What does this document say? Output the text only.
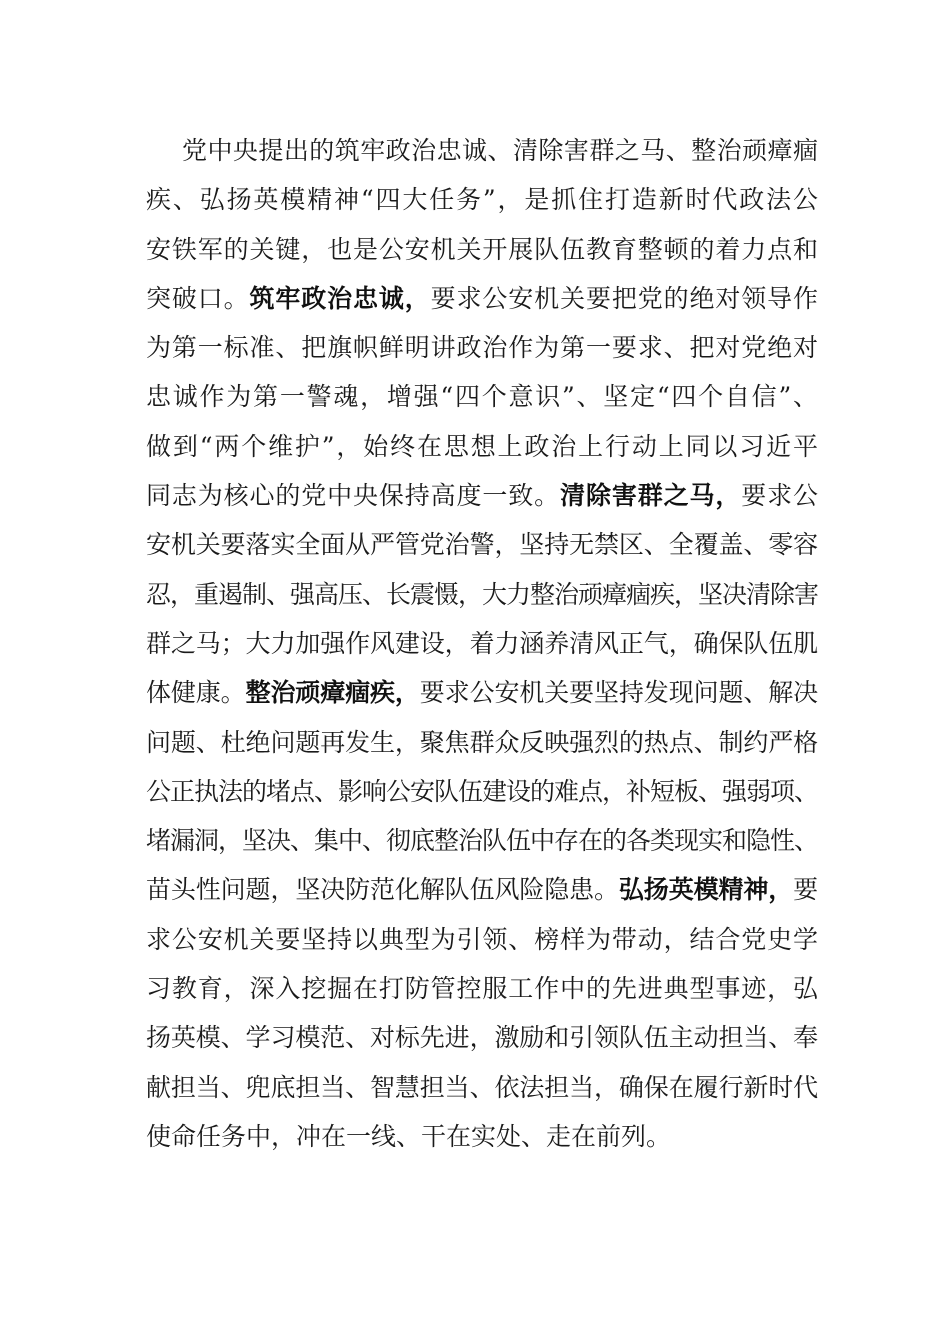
党中央提出的筑牢政治忠诚、清除害群之马、整治顽瘴痼
疾、弘扬英模精神“四大任务”，是抓住打造新时代政法公
安铁军的关键，也是公安机关开展队伍教育整顿的着力点和
突破口。筑牢政治忠诚，要求公安机关要把党的绝对领导作
为第一标准、把旗帜鲜明讲政治作为第一要求、把对党绝对
忠诚作为第一警魂，增强“四个意识”、坚定“四个自信”、
做到“两个维护”，始终在思想上政治上行动上同以习近平
同志为核心的党中央保持高度一致。清除害群之马，要求公
安机关要落实全面从严管党治警，坚持无禁区、全覆盖、零容
忍，重遏制、强高压、长震慑，大力整治顽瘴痼疾，坚决清除害
群之马；大力加强作风建设，着力涵养清风正气，确保队伍肌
体健康。整治顽瘴痼疾，要求公安机关要坚持发现问题、解决
问题、杜绝问题再发生，聚焦群众反映强烈的热点、制约严格
公正执法的堵点、影响公安队伍建设的难点，补短板、强弱项、
堵漏洞，坚决、集中、彻底整治队伍中存在的各类现实和隐性、
苗头性问题，坚决防范化解队伍风险隐患。弘扬英模精神，要
求公安机关要坚持以典型为引领、榜样为带动，结合党史学
习教育，深入挖掘在打防管控服工作中的先进典型事迹，弘
扬英模、学习模范、对标先进，激励和引领队伍主动担当、奉
献担当、兜底担当、智慧担当、依法担当，确保在履行新时代
使命任务中，冲在一线、干在实处、走在前列。
